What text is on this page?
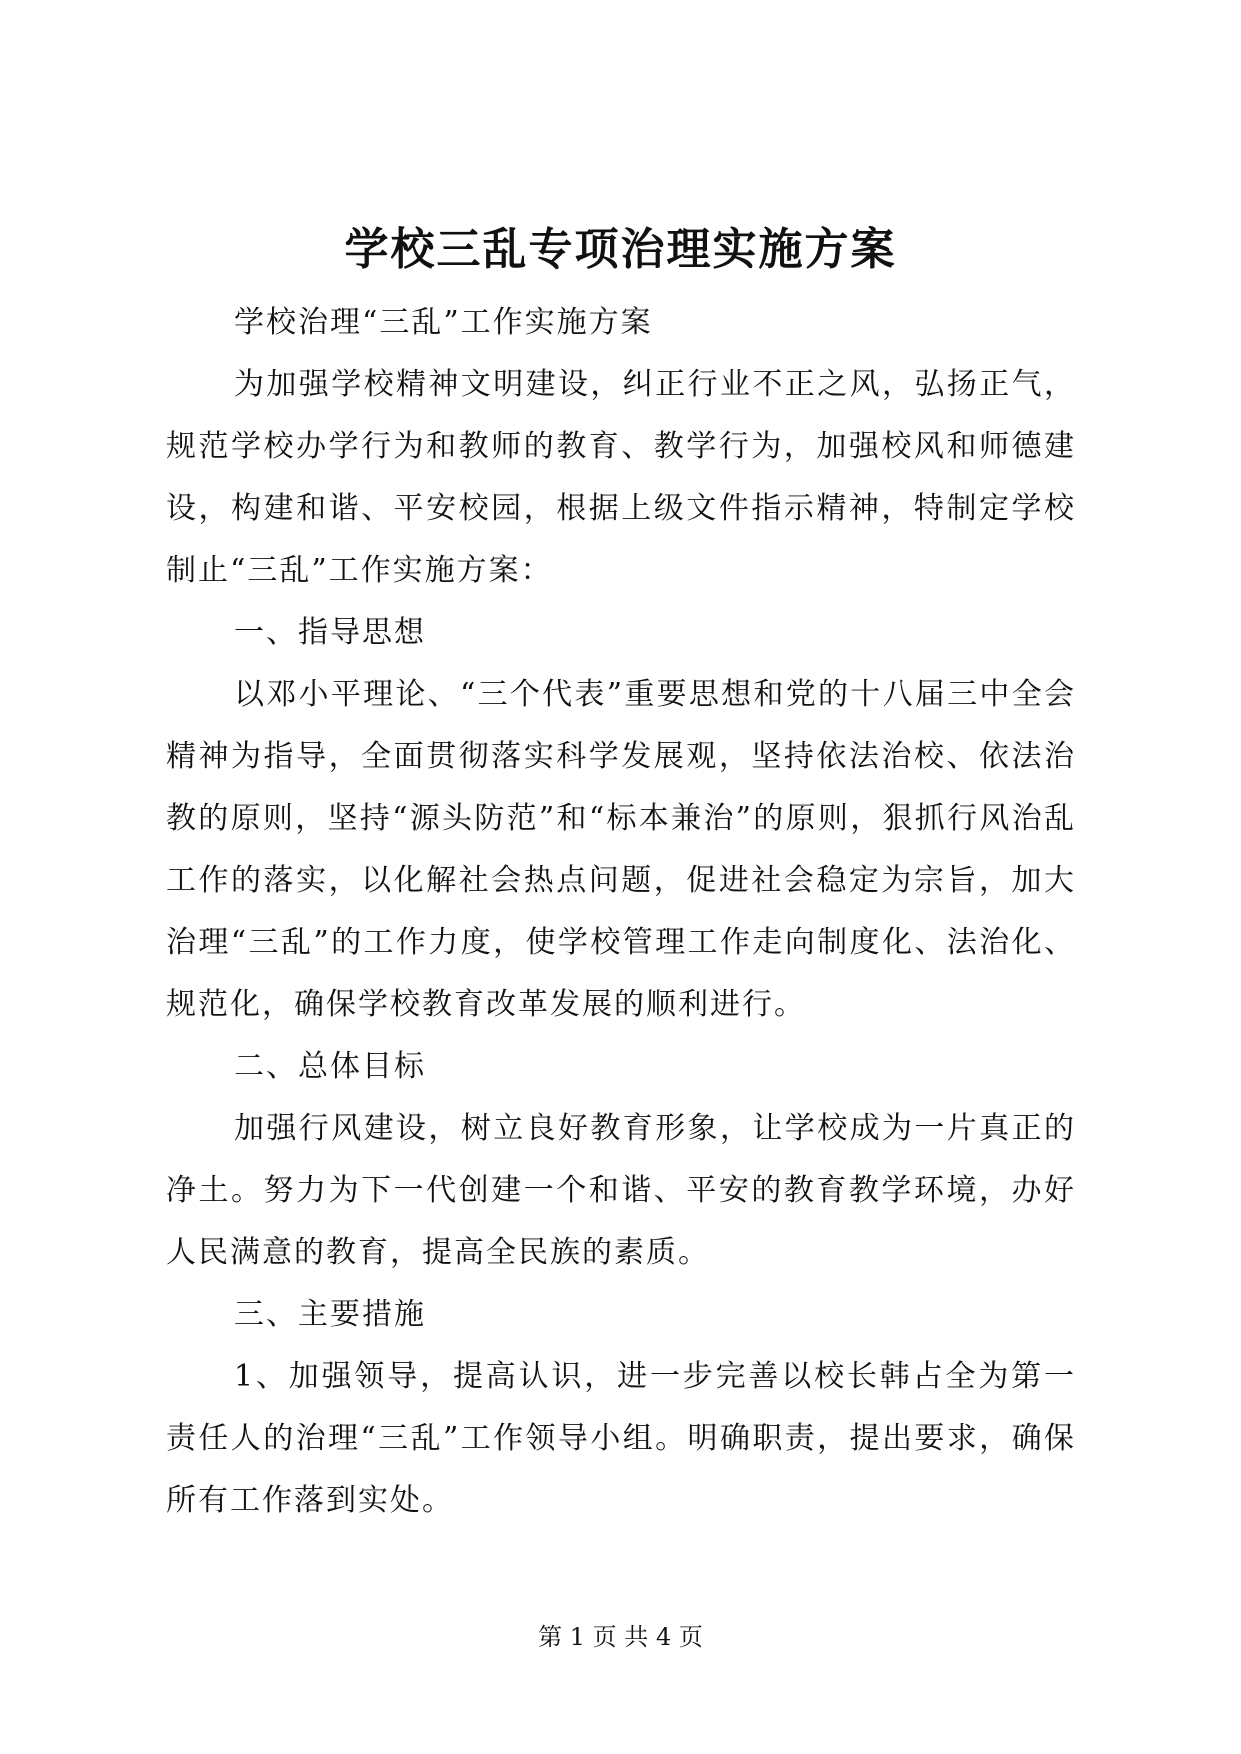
学校三乱专项治理实施方案

学校治理“三乱”工作实施方案

为加强学校精神文明建设，纠正行业不正之风，弘扬正气，规范学校办学行为和教师的教育、教学行为，加强校风和师德建设，构建和谐、平安校园，根据上级文件指示精神，特制定学校制止“三乱”工作实施方案：

一、指导思想

以邓小平理论、“三个代表”重要思想和党的十八届三中全会精神为指导，全面贯彻落实科学发展观，坚持依法治校、依法治教的原则，坚持“源头防范”和“标本兼治”的原则，狠抓行风治乱工作的落实，以化解社会热点问题，促进社会稳定为宗旨，加大治理“三乱”的工作力度，使学校管理工作走向制度化、法治化、规范化，确保学校教育改革发展的顺利进行。

二、总体目标

加强行风建设，树立良好教育形象，让学校成为一片真正的净土。努力为下一代创建一个和谐、平安的教育教学环境，办好人民满意的教育，提高全民族的素质。

三、主要措施

1、加强领导，提高认识，进一步完善以校长韩占全为第一责任人的治理“三乱”工作领导小组。明确职责，提出要求，确保所有工作落到实处。

第 1 页 共 4 页
